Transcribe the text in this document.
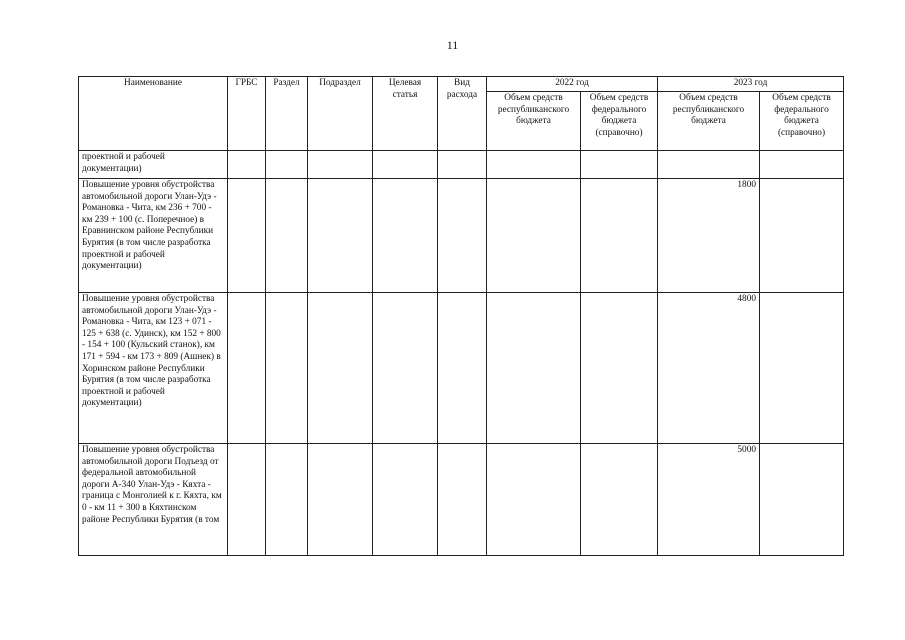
11
Наименование	ГРБС	Раздел	Подраздел	Целевая статья	Вид расхода	2022 год		2023 год	
						Объем средств республиканского бюджета	Объем средств федерального бюджета (справочно)	Объем средств республиканского бюджета	Объем средств федерального бюджета (справочно)
проектной и рабочей документации)									
Повышение уровня обустройства автомобильной дороги Улан-Удэ - Романовка - Чита, км 236 + 700 - км 239 + 100 (с. Поперечное) в Еравнинском районе Республики Бурятия (в том числе разработка проектной и рабочей документации)								1800	
Повышение уровня обустройства автомобильной дороги Улан-Удэ - Романовка - Чита, км 123 + 071 - 125 + 638 (с. Удинск), км 152 + 800 - 154 + 100 (Кульский станок), км 171 + 594 - км 173 + 809 (Ашнек) в Хоринском районе Республики Бурятия (в том числе разработка проектной и рабочей документации)								4800	
Повышение уровня обустройства автомобильной дороги Подъезд от федеральной автомобильной дороги А-340 Улан-Удэ - Кяхта - граница с Монголией к г. Кяхта, км 0 - км 11 + 300 в Кяхтинском районе Республики Бурятия (в том								5000	
